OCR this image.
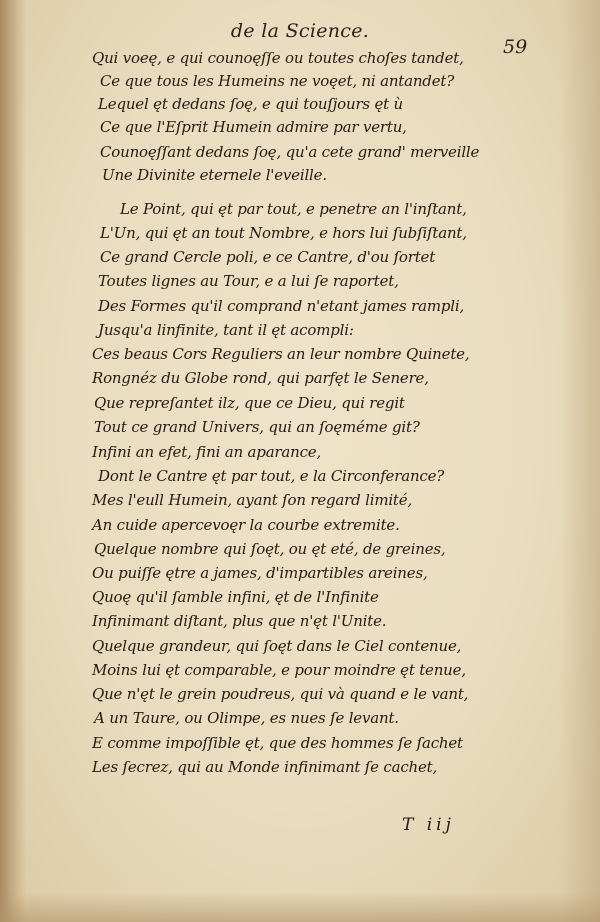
de la Science.
59
Qui voeę, e qui counoęſſe ou toutes choſes tandet,
Ce que tous les Humeins ne voęet, ni antandet?
Lequel ęt dedans ſoę, e qui touſjours ęt ù
Ce que l'Eſprit Humein admire par vertu,
Counoęſſant dedans ſoę, qu'a cete grand' merveille
Une Divinite eternele l'eveille.
Le Point, qui ęt par tout, e penetre an l'inſtant,
L'Un, qui ęt an tout Nombre, e hors lui ſubſiſtant,
Ce grand Cercle poli, e ce Cantre, d'ou ſortet
Toutes lignes au Tour, e a lui ſe raportet,
Des Formes qu'il comprand n'etant james rampli,
Jusqu'a linfinite, tant il ęt acompli:
Ces beaus Cors Reguliers an leur nombre Quinete,
Rongnéz du Globe rond, qui parfęt le Senere,
Que repreſantet ilz, que ce Dieu, qui regit
Tout ce grand Univers, qui an ſoęméme git?
Infini an efet, fini an aparance,
Dont le Cantre ęt par tout, e la Circonferance?
Mes l'eull Humein, ayant ſon regard limité,
An cuide apercevoęr la courbe extremite.
Quelque nombre qui ſoęt, ou ęt eté, de greines,
Ou puiſſe ętre a james, d'impartibles areines,
Quoę qu'il ſamble infini, ęt de l'Infinite
Infinimant diſtant, plus que n'ęt l'Unite.
Quelque grandeur, qui ſoęt dans le Ciel contenue,
Moins lui ęt comparable, e pour moindre ęt tenue,
Que n'ęt le grein poudreus, qui và quand e le vant,
A un Taure, ou Olimpe, es nues ſe levant.
E comme impoſſible ęt, que des hommes ſe ſachet
Les ſecrez, qui au Monde infinimant ſe cachet,
T iij
